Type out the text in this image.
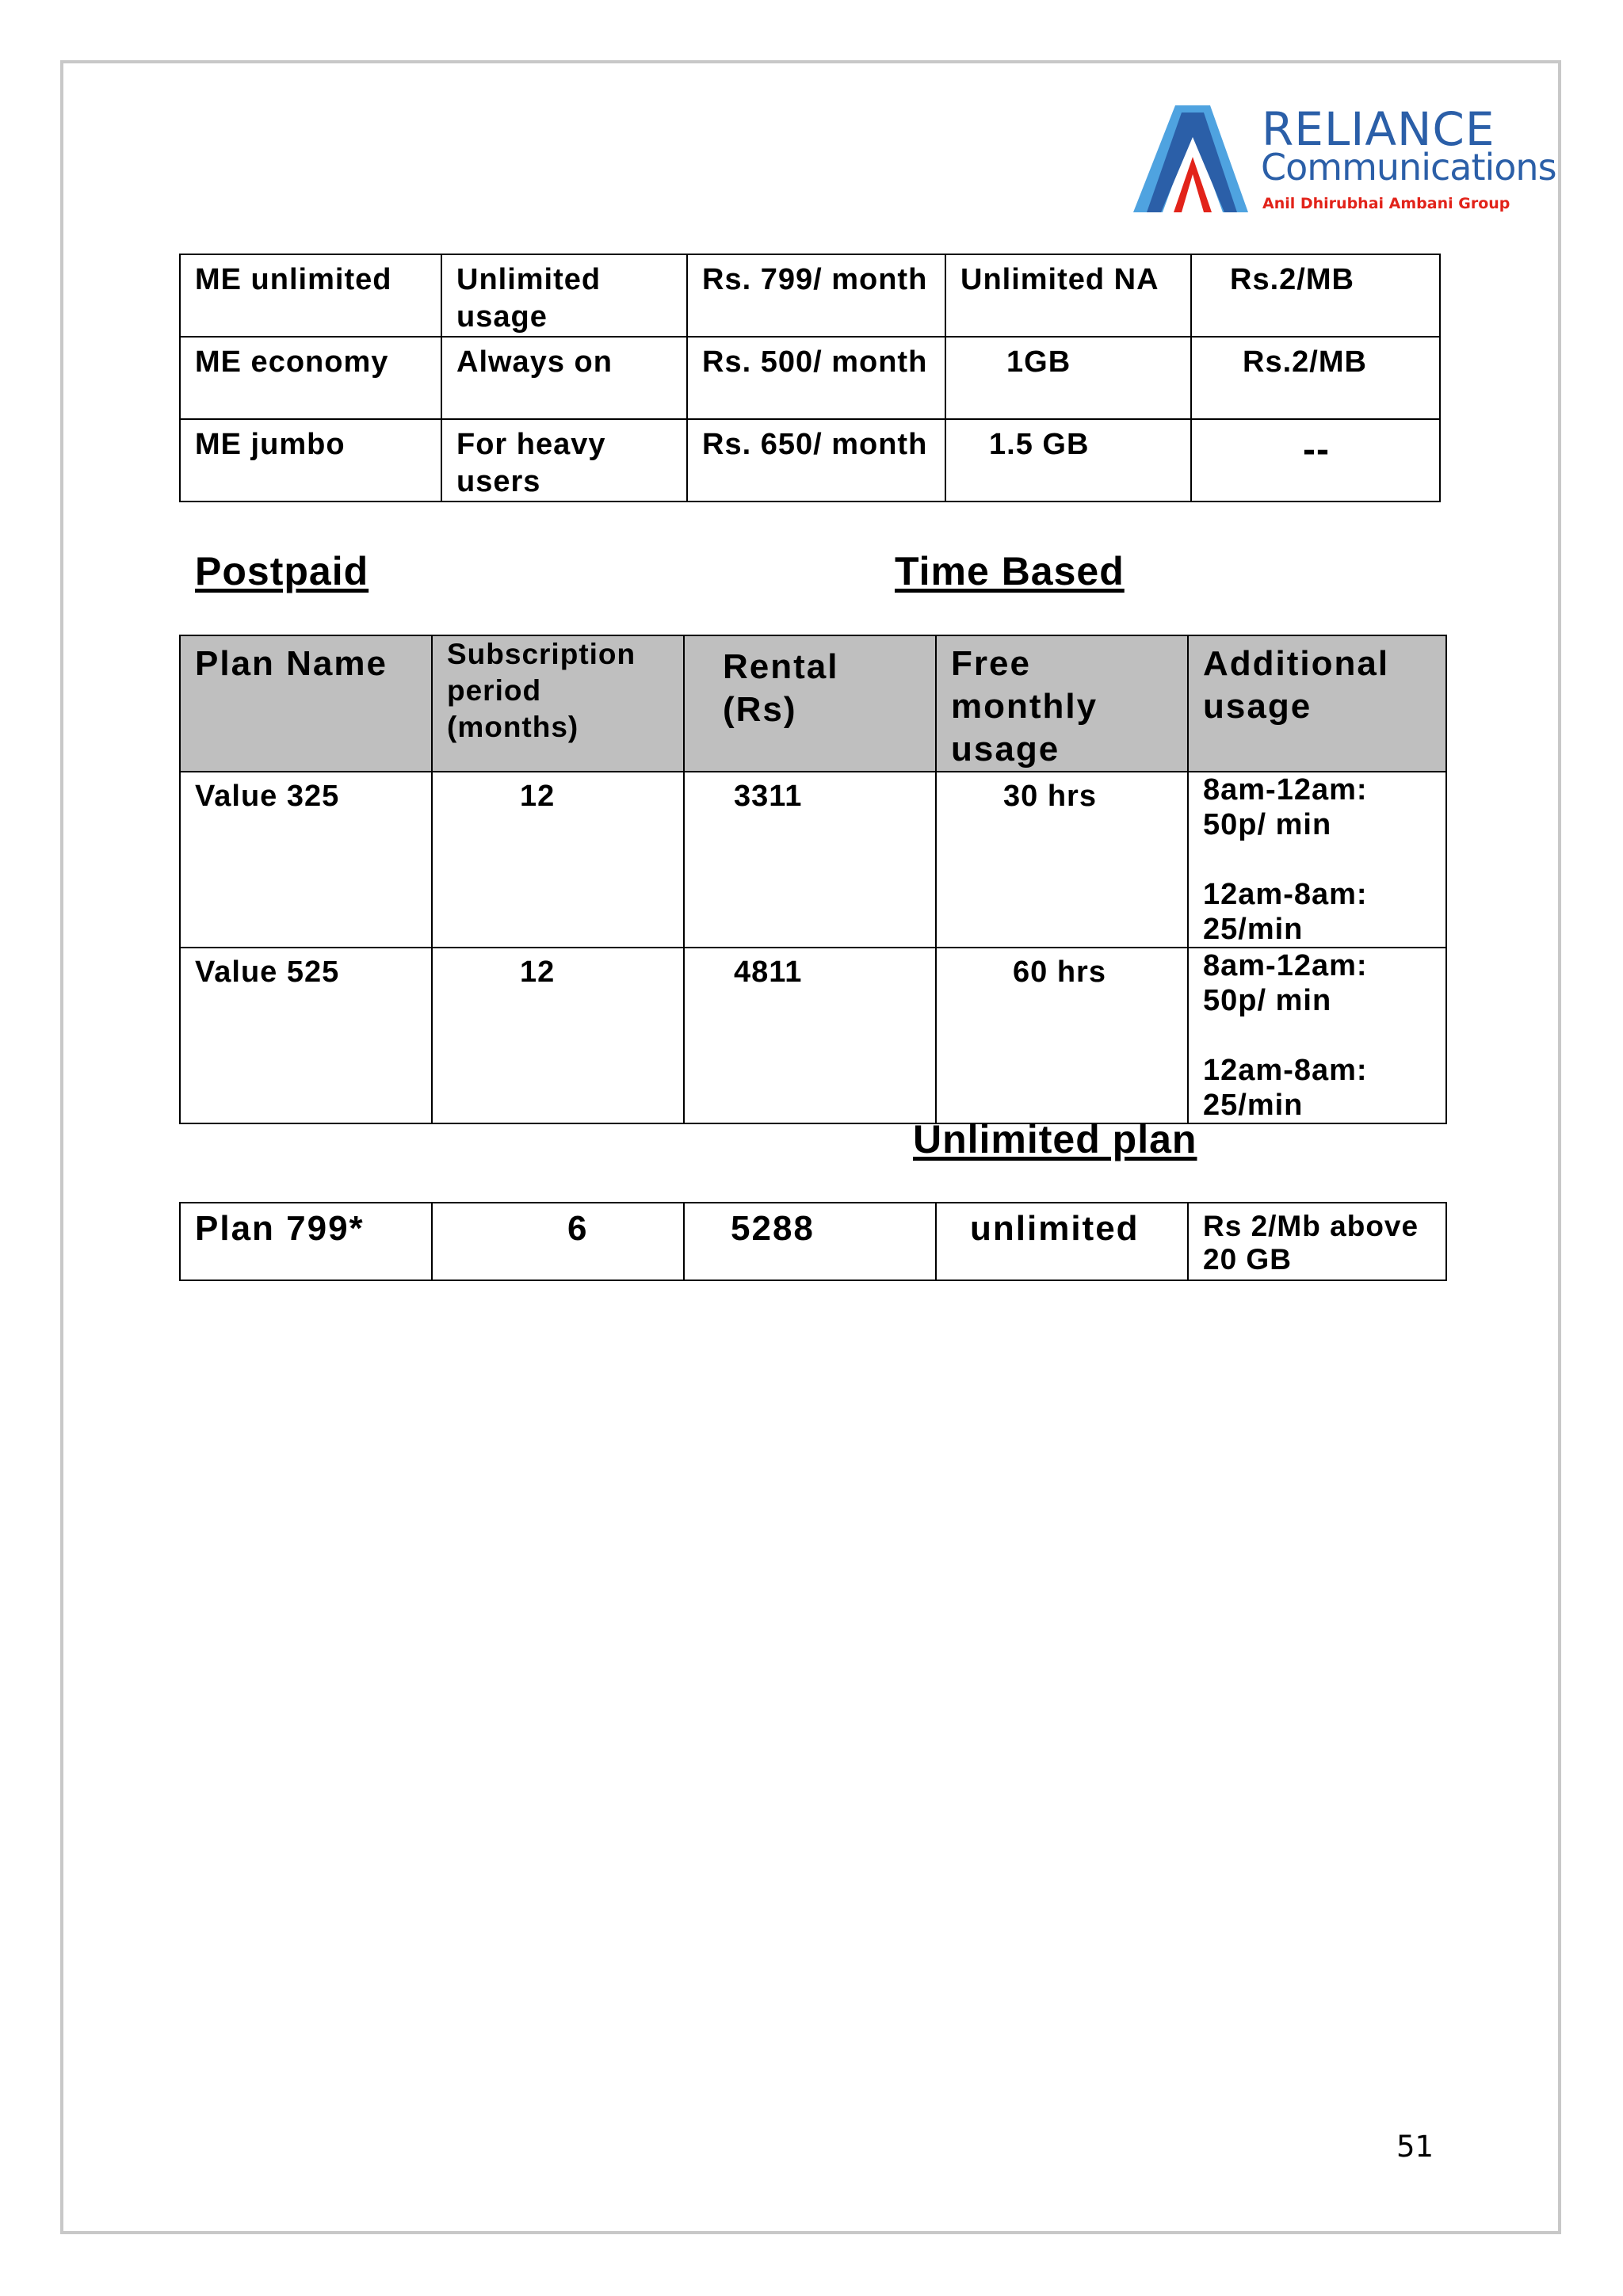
RELIANCE
Communications
Anil Dhirubhai Ambani Group
ME unlimited	Unlimited usage	Rs. 799/ month	Unlimited NA	Rs.2/MB
ME economy	Always on	Rs. 500/ month	1GB	Rs.2/MB
ME jumbo	For heavy users	Rs. 650/ month	1.5 GB	--
Postpaid	Time Based
Plan Name	Subscription period (months)	Rental (Rs)	Free monthly usage	Additional usage
Value 325	12	3311	30 hrs	8am-12am: 50p/ min
12am-8am: 25/min

Value 525	12	4811	60 hrs	8am-12am: 50p/ min
12am-8am: 25/min
Unlimited plan
Plan 799*	6	5288	unlimited	Rs 2/Mb above   20 GB
51
